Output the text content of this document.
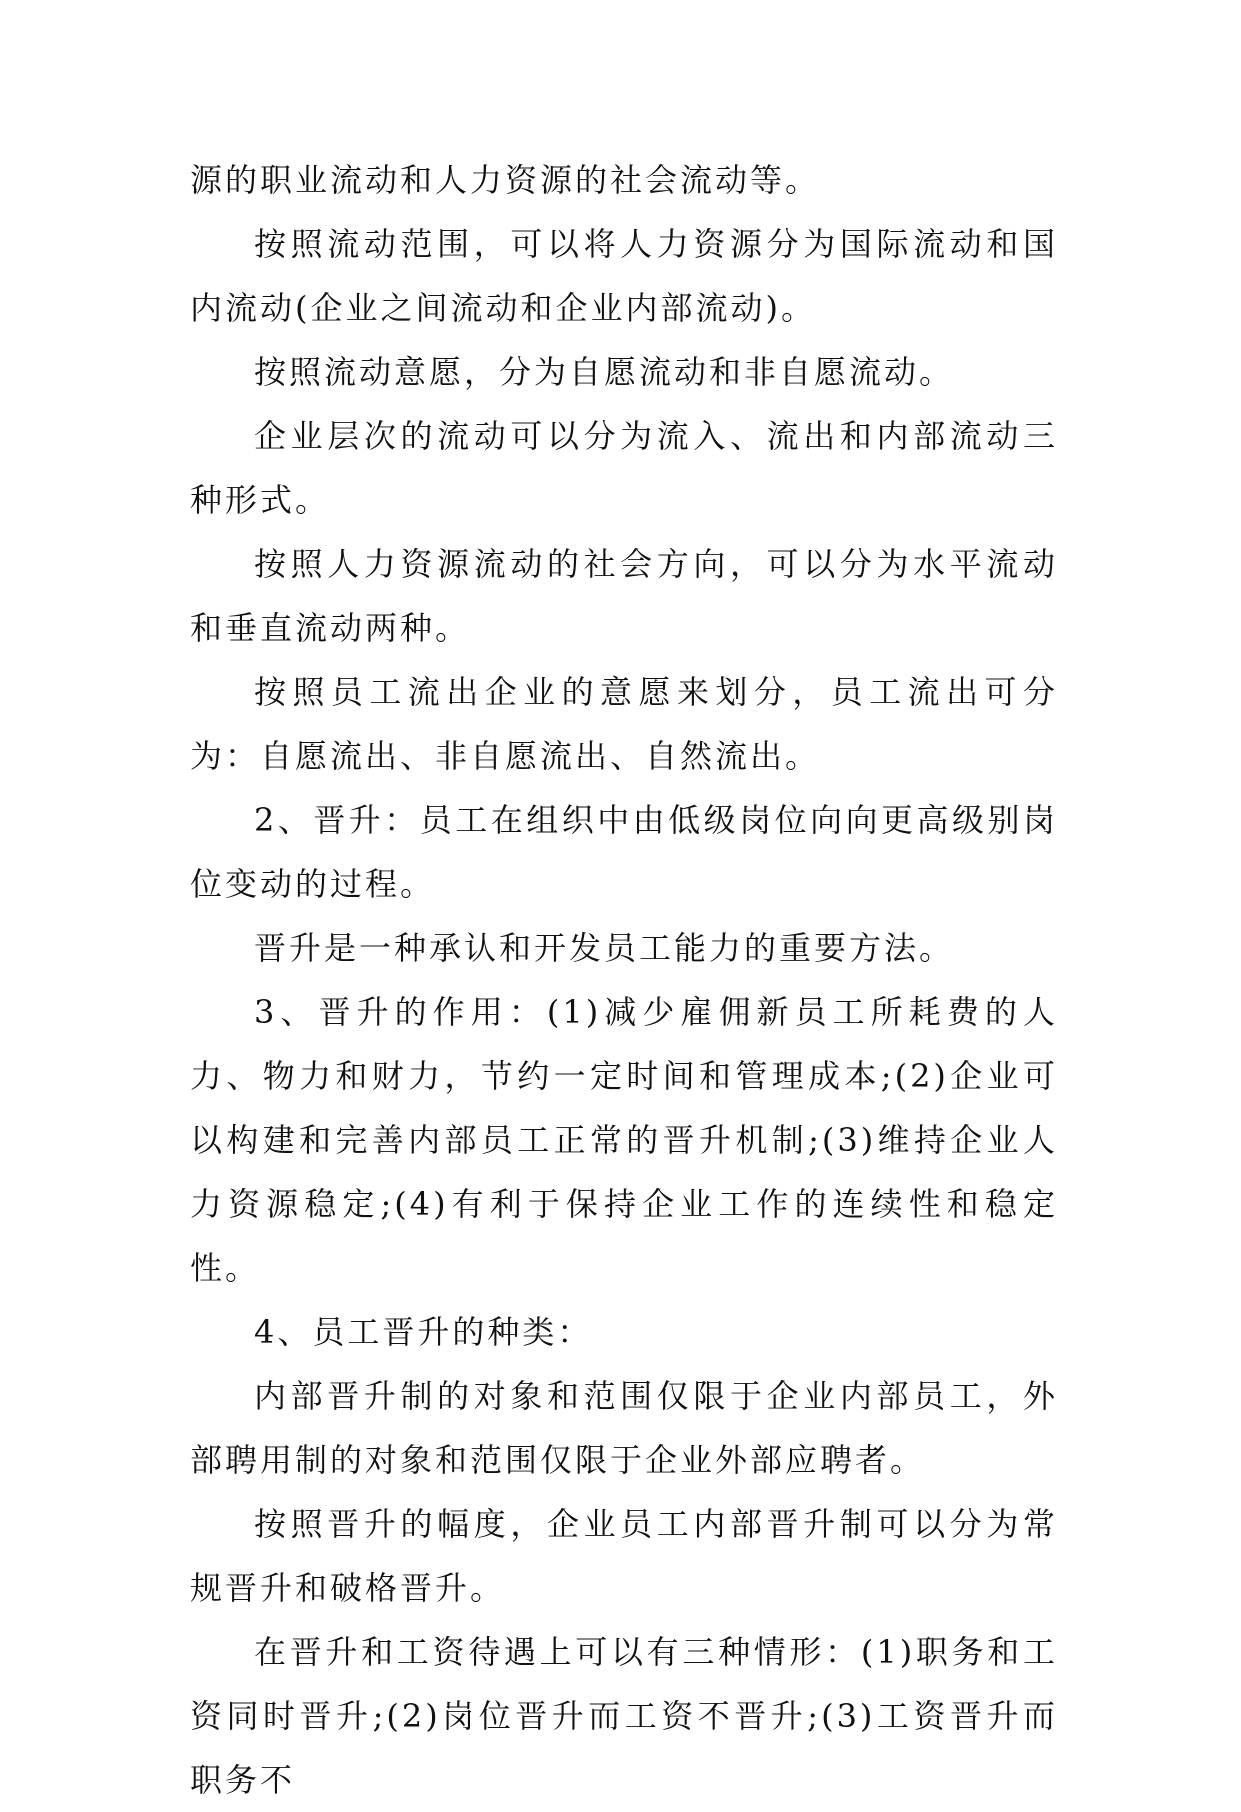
源的职业流动和人力资源的社会流动等。

按照流动范围，可以将人力资源分为国际流动和国内流动(企业之间流动和企业内部流动)。

按照流动意愿，分为自愿流动和非自愿流动。

企业层次的流动可以分为流入、流出和内部流动三种形式。

按照人力资源流动的社会方向，可以分为水平流动和垂直流动两种。

按照员工流出企业的意愿来划分，员工流出可分为：自愿流出、非自愿流出、自然流出。

2、晋升：员工在组织中由低级岗位向向更高级别岗位变动的过程。

晋升是一种承认和开发员工能力的重要方法。

3、晋升的作用：(1)减少雇佣新员工所耗费的人力、物力和财力，节约一定时间和管理成本;(2)企业可以构建和完善内部员工正常的晋升机制;(3)维持企业人力资源稳定;(4)有利于保持企业工作的连续性和稳定性。

4、员工晋升的种类：

内部晋升制的对象和范围仅限于企业内部员工，外部聘用制的对象和范围仅限于企业外部应聘者。

按照晋升的幅度，企业员工内部晋升制可以分为常规晋升和破格晋升。

在晋升和工资待遇上可以有三种情形：(1)职务和工资同时晋升;(2)岗位晋升而工资不晋升;(3)工资晋升而职务不
